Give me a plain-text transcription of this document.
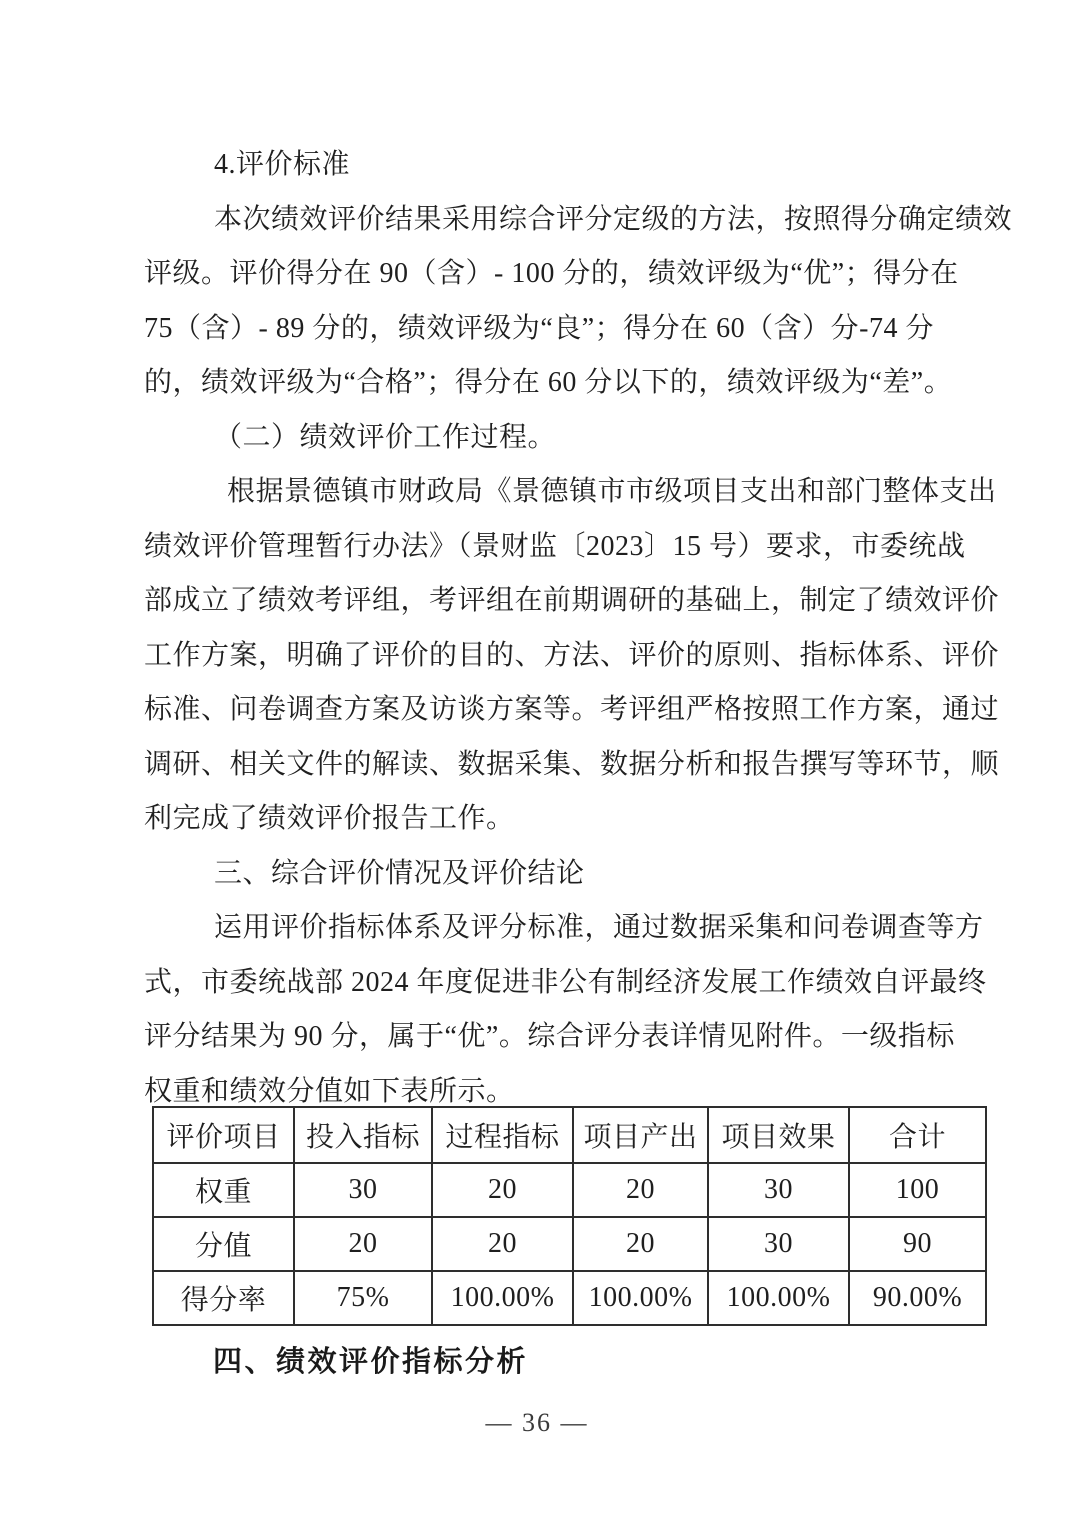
4.评价标准
本次绩效评价结果采用综合评分定级的方法，按照得分确定绩效
评级。评价得分在 90（含）- 100 分的，绩效评级为“优”；得分在
75（含）- 89 分的，绩效评级为“良”；得分在 60（含）分-74 分
的，绩效评级为“合格”；得分在 60 分以下的，绩效评级为“差”。
（二）绩效评价工作过程。
根据景德镇市财政局《景德镇市市级项目支出和部门整体支出
绩效评价管理暂行办法》（景财监〔2023〕15 号）要求，市委统战
部成立了绩效考评组，考评组在前期调研的基础上，制定了绩效评价
工作方案，明确了评价的目的、方法、评价的原则、指标体系、评价
标准、问卷调查方案及访谈方案等。考评组严格按照工作方案，通过
调研、相关文件的解读、数据采集、数据分析和报告撰写等环节，顺
利完成了绩效评价报告工作。
三、综合评价情况及评价结论
运用评价指标体系及评分标准，通过数据采集和问卷调查等方
式，市委统战部 2024 年度促进非公有制经济发展工作绩效自评最终
评分结果为 90 分，属于“优”。综合评分表详情见附件。一级指标
权重和绩效分值如下表所示。
评价项目	投入指标	过程指标	项目产出	项目效果	合计
权重	30	20	20	30	100
分值	20	20	20	30	90
得分率	75%	100.00%	100.00%	100.00%	90.00%
四、绩效评价指标分析
— 36 —
